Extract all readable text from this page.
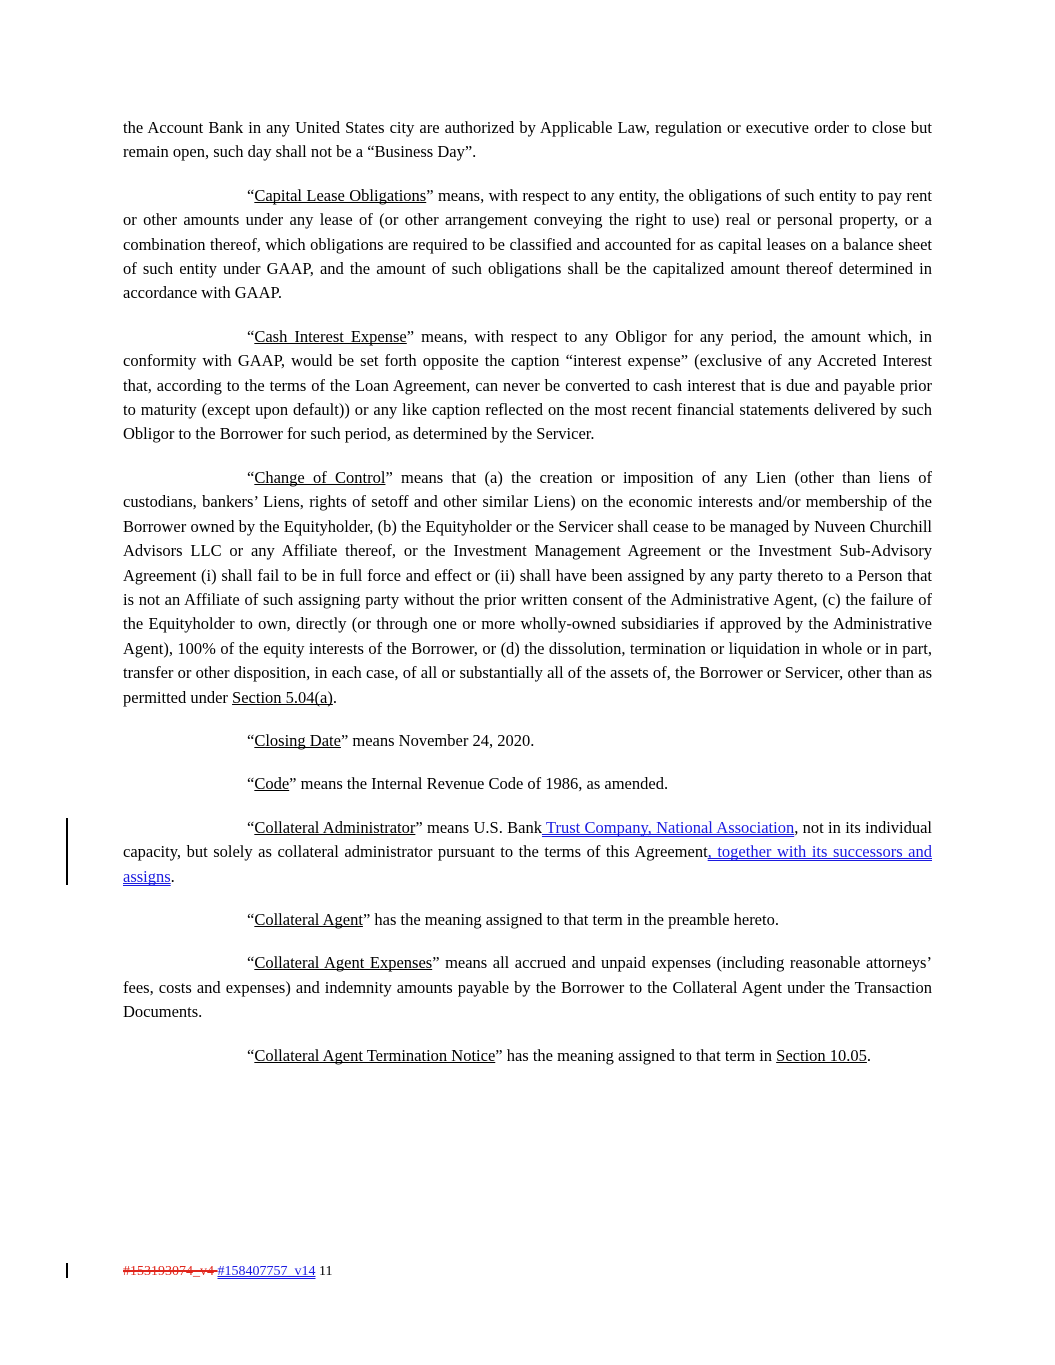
the Account Bank in any United States city are authorized by Applicable Law, regulation or executive order to close but remain open, such day shall not be a “Business Day”.

“Capital Lease Obligations” means, with respect to any entity, the obligations of such entity to pay rent or other amounts under any lease of (or other arrangement conveying the right to use) real or personal property, or a combination thereof, which obligations are required to be classified and accounted for as capital leases on a balance sheet of such entity under GAAP, and the amount of such obligations shall be the capitalized amount thereof determined in accordance with GAAP.

“Cash Interest Expense” means, with respect to any Obligor for any period, the amount which, in conformity with GAAP, would be set forth opposite the caption “interest expense” (exclusive of any Accreted Interest that, according to the terms of the Loan Agreement, can never be converted to cash interest that is due and payable prior to maturity (except upon default)) or any like caption reflected on the most recent financial statements delivered by such Obligor to the Borrower for such period, as determined by the Servicer.

“Change of Control” means that (a) the creation or imposition of any Lien (other than liens of custodians, bankers’ Liens, rights of setoff and other similar Liens) on the economic interests and/or membership of the Borrower owned by the Equityholder, (b) the Equityholder or the Servicer shall cease to be managed by Nuveen Churchill Advisors LLC or any Affiliate thereof, or the Investment Management Agreement or the Investment Sub-Advisory Agreement (i) shall fail to be in full force and effect or (ii) shall have been assigned by any party thereto to a Person that is not an Affiliate of such assigning party without the prior written consent of the Administrative Agent, (c) the failure of the Equityholder to own, directly (or through one or more wholly-owned subsidiaries if approved by the Administrative Agent), 100% of the equity interests of the Borrower, or (d) the dissolution, termination or liquidation in whole or in part, transfer or other disposition, in each case, of all or substantially all of the assets of, the Borrower or Servicer, other than as permitted under Section 5.04(a).

“Closing Date” means November 24, 2020.

“Code” means the Internal Revenue Code of 1986, as amended.

“Collateral Administrator” means U.S. Bank Trust Company, National Association, not in its individual capacity, but solely as collateral administrator pursuant to the terms of this Agreement, together with its successors and assigns.

“Collateral Agent” has the meaning assigned to that term in the preamble hereto.

“Collateral Agent Expenses” means all accrued and unpaid expenses (including reasonable attorneys’ fees, costs and expenses) and indemnity amounts payable by the Borrower to the Collateral Agent under the Transaction Documents.

“Collateral Agent Termination Notice” has the meaning assigned to that term in Section 10.05.

#153193074_v4 #158407757_v14 11
